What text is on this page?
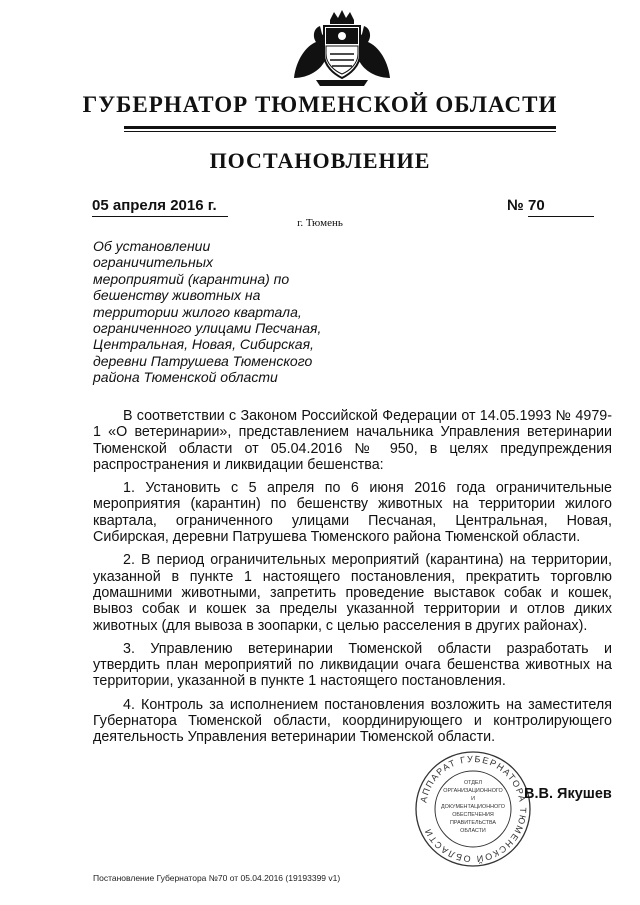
ГУБЕРНАТОР ТЮМЕНСКОЙ ОБЛАСТИ
ПОСТАНОВЛЕНИЕ
05 апреля 2016 г.	№ 70
г. Тюмень
Об установлении ограничительных
мероприятий (карантина) по
бешенству животных на
территории жилого квартала,
ограниченного улицами Песчаная,
Центральная, Новая, Сибирская,
деревни Патрушева Тюменского
района Тюменской области

В соответствии с Законом Российской Федерации от 14.05.1993 № 4979-1 «О ветеринарии», представлением начальника Управления ветеринарии Тюменской области от 05.04.2016 № 950, в целях предупреждения распространения и ликвидации бешенства:

1. Установить с 5 апреля по 6 июня 2016 года ограничительные мероприятия (карантин) по бешенству животных на территории жилого квартала, ограниченного улицами Песчаная, Центральная, Новая, Сибирская, деревни Патрушева Тюменского района Тюменской области.

2. В период ограничительных мероприятий (карантина) на территории, указанной в пункте 1 настоящего постановления, прекратить торговлю домашними животными, запретить проведение выставок собак и кошек, вывоз собак и кошек за пределы указанной территории и отлов диких животных (для вывоза в зоопарки, с целью расселения в других районах).

3. Управлению ветеринарии Тюменской области разработать и утвердить план мероприятий по ликвидации очага бешенства животных на территории, указанной в пункте 1 настоящего постановления.

4. Контроль за исполнением постановления возложить на заместителя Губернатора Тюменской области, координирующего и контролирующего деятельность Управления ветеринарии Тюменской области.

АППАРАТ ГУБЕРНАТОРА ТЮМЕНСКОЙ ОБЛАСТИ
ОТДЕЛ
ОРГАНИЗАЦИОННОГО
И
ДОКУМЕНТАЦИОННОГО
ОБЕСПЕЧЕНИЯ
ПРАВИТЕЛЬСТВА
ОБЛАСТИ
В.В. Якушев
Постановление Губернатора №70 от 05.04.2016 (19193399 v1)
